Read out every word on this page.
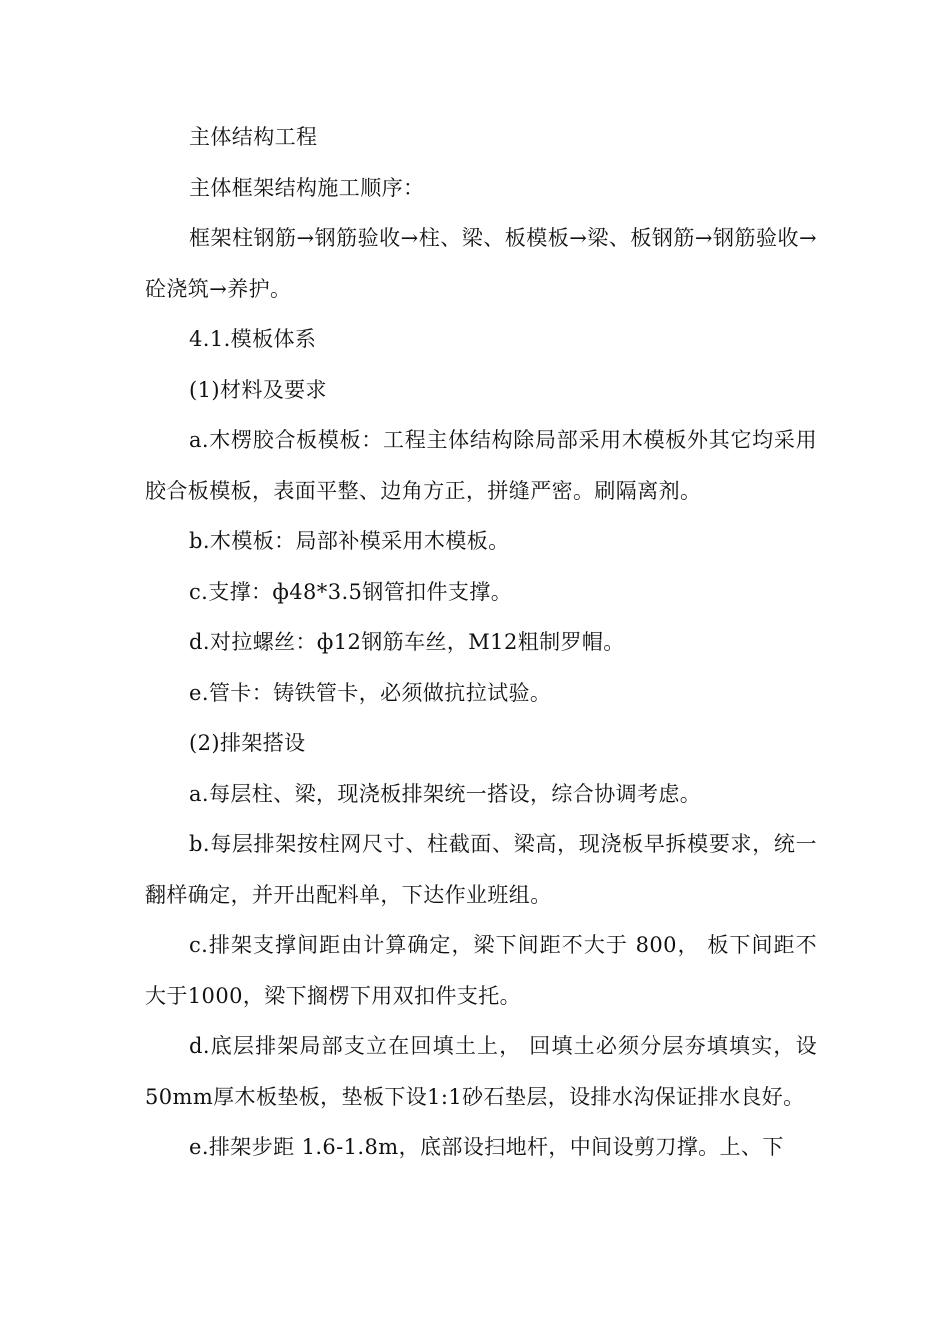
主体结构工程

主体框架结构施工顺序：

框架柱钢筋→钢筋验收→柱、梁、板模板→梁、板钢筋→钢筋验收→砼浇筑→养护。

4.1.模板体系

(1)材料及要求

a.木楞胶合板模板：工程主体结构除局部采用木模板外其它均采用胶合板模板，表面平整、边角方正，拼缝严密。刷隔离剂。

b.木模板：局部补模采用木模板。

c.支撑：ф48*3.5钢管扣件支撑。

d.对拉螺丝：ф12钢筋车丝，M12粗制罗帽。

e.管卡：铸铁管卡，必须做抗拉试验。

(2)排架搭设

a.每层柱、梁，现浇板排架统一搭设，综合协调考虑。

b.每层排架按柱网尺寸、柱截面、梁高，现浇板早拆模要求，统一翻样确定，并开出配料单，下达作业班组。

c.排架支撑间距由计算确定，梁下间距不大于 800， 板下间距不大于1000，梁下搁楞下用双扣件支托。

d.底层排架局部支立在回填土上， 回填土必须分层夯填填实，设50mm厚木板垫板，垫板下设1:1砂石垫层，设排水沟保证排水良好。

e.排架步距 1.6-1.8m，底部设扫地杆，中间设剪刀撑。上、下
